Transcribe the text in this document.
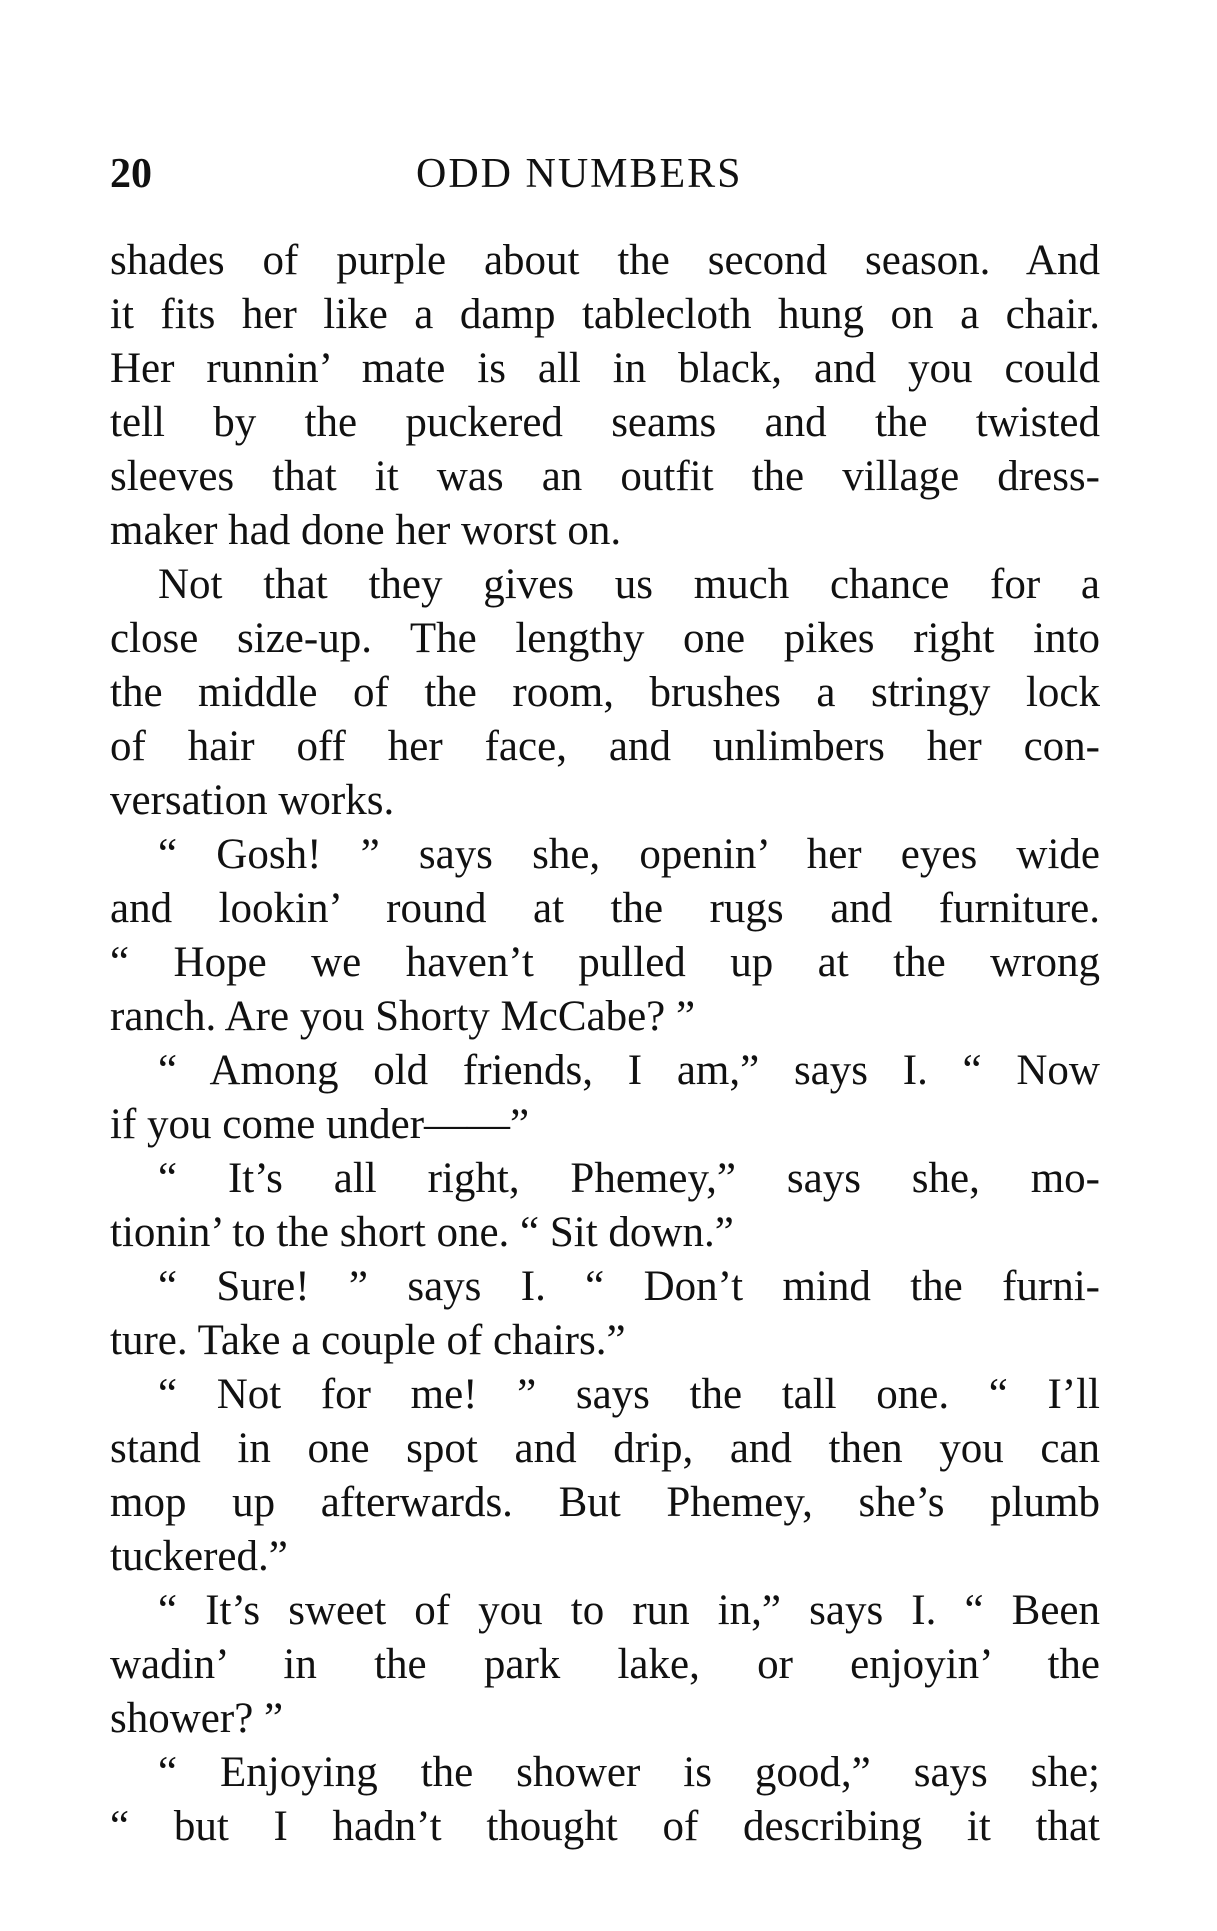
20	ODD NUMBERS
shades of purple about the second season. And
it fits her like a damp tablecloth hung on a chair.
Her runnin’ mate is all in black, and you could
tell by the puckered seams and the twisted
sleeves that it was an outfit the village dress-
maker had done her worst on.
Not that they gives us much chance for a
close size-up. The lengthy one pikes right into
the middle of the room, brushes a stringy lock
of hair off her face, and unlimbers her con-
versation works.
“ Gosh! ” says she, openin’ her eyes wide
and lookin’ round at the rugs and furniture.
“ Hope we haven’t pulled up at the wrong
ranch. Are you Shorty McCabe? ”
“ Among old friends, I am,” says I. “ Now
if you come under——”
“ It’s all right, Phemey,” says she, mo-
tionin’ to the short one. “ Sit down.”
“ Sure! ” says I. “ Don’t mind the furni-
ture. Take a couple of chairs.”
“ Not for me! ” says the tall one. “ I’ll
stand in one spot and drip, and then you can
mop up afterwards. But Phemey, she’s plumb
tuckered.”
“ It’s sweet of you to run in,” says I. “ Been
wadin’ in the park lake, or enjoyin’ the
shower? ”
“ Enjoying the shower is good,” says she;
“ but I hadn’t thought of describing it that
